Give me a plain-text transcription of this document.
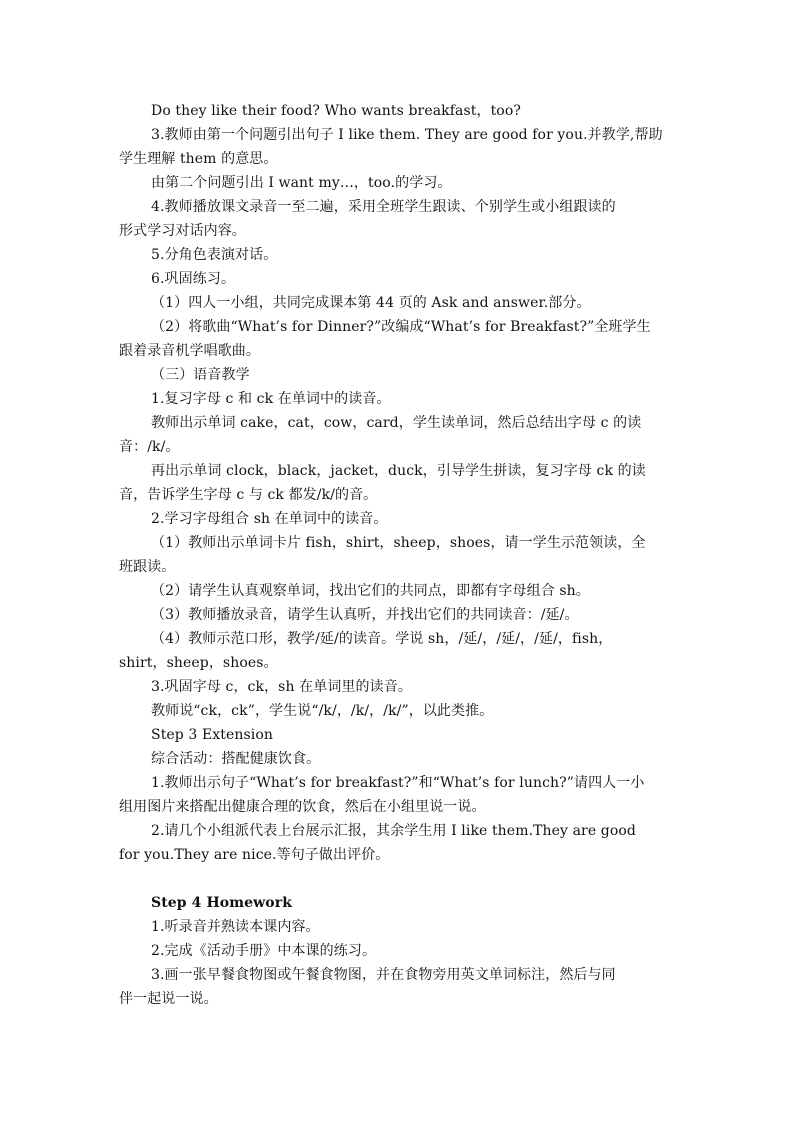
Do they like their food? Who wants breakfast，too?
3.教师由第一个问题引出句子 I like them. They are good for you.并教学,帮助
学生理解 them 的意思。
由第二个问题引出 I want my…，too.的学习。
4.教师播放课文录音一至二遍，采用全班学生跟读、个别学生或小组跟读的
形式学习对话内容。
5.分角色表演对话。
6.巩固练习。
（1）四人一小组，共同完成课本第 44 页的 Ask and answer.部分。
（2）将歌曲“What’s for Dinner?”改编成“What’s for Breakfast?”全班学生
跟着录音机学唱歌曲。
（三）语音教学
1.复习字母 c 和 ck 在单词中的读音。
教师出示单词 cake，cat，cow，card，学生读单词，然后总结出字母 c 的读
音：/k/。
再出示单词 clock，black，jacket，duck，引导学生拼读，复习字母 ck 的读
音，告诉学生字母 c 与 ck 都发/k/的音。
2.学习字母组合 sh 在单词中的读音。
（1）教师出示单词卡片 fish，shirt，sheep，shoes，请一学生示范领读，全
班跟读。
（2）请学生认真观察单词，找出它们的共同点，即都有字母组合 sh。
（3）教师播放录音，请学生认真听，并找出它们的共同读音：/延/。
（4）教师示范口形，教学/延/的读音。学说 sh，/延/，/延/，/延/，fish，
shirt，sheep，shoes。
3.巩固字母 c，ck，sh 在单词里的读音。
教师说“ck，ck”，学生说“/k/，/k/，/k/”，以此类推。
Step 3 Extension
综合活动：搭配健康饮食。
1.教师出示句子“What’s for breakfast?”和“What’s for lunch?”请四人一小
组用图片来搭配出健康合理的饮食，然后在小组里说一说。
2.请几个小组派代表上台展示汇报，其余学生用 I like them.They are good
for you.They are nice.等句子做出评价。
Step 4 Homework
1.听录音并熟读本课内容。
2.完成《活动手册》中本课的练习。
3.画一张早餐食物图或午餐食物图，并在食物旁用英文单词标注，然后与同
伴一起说一说。
